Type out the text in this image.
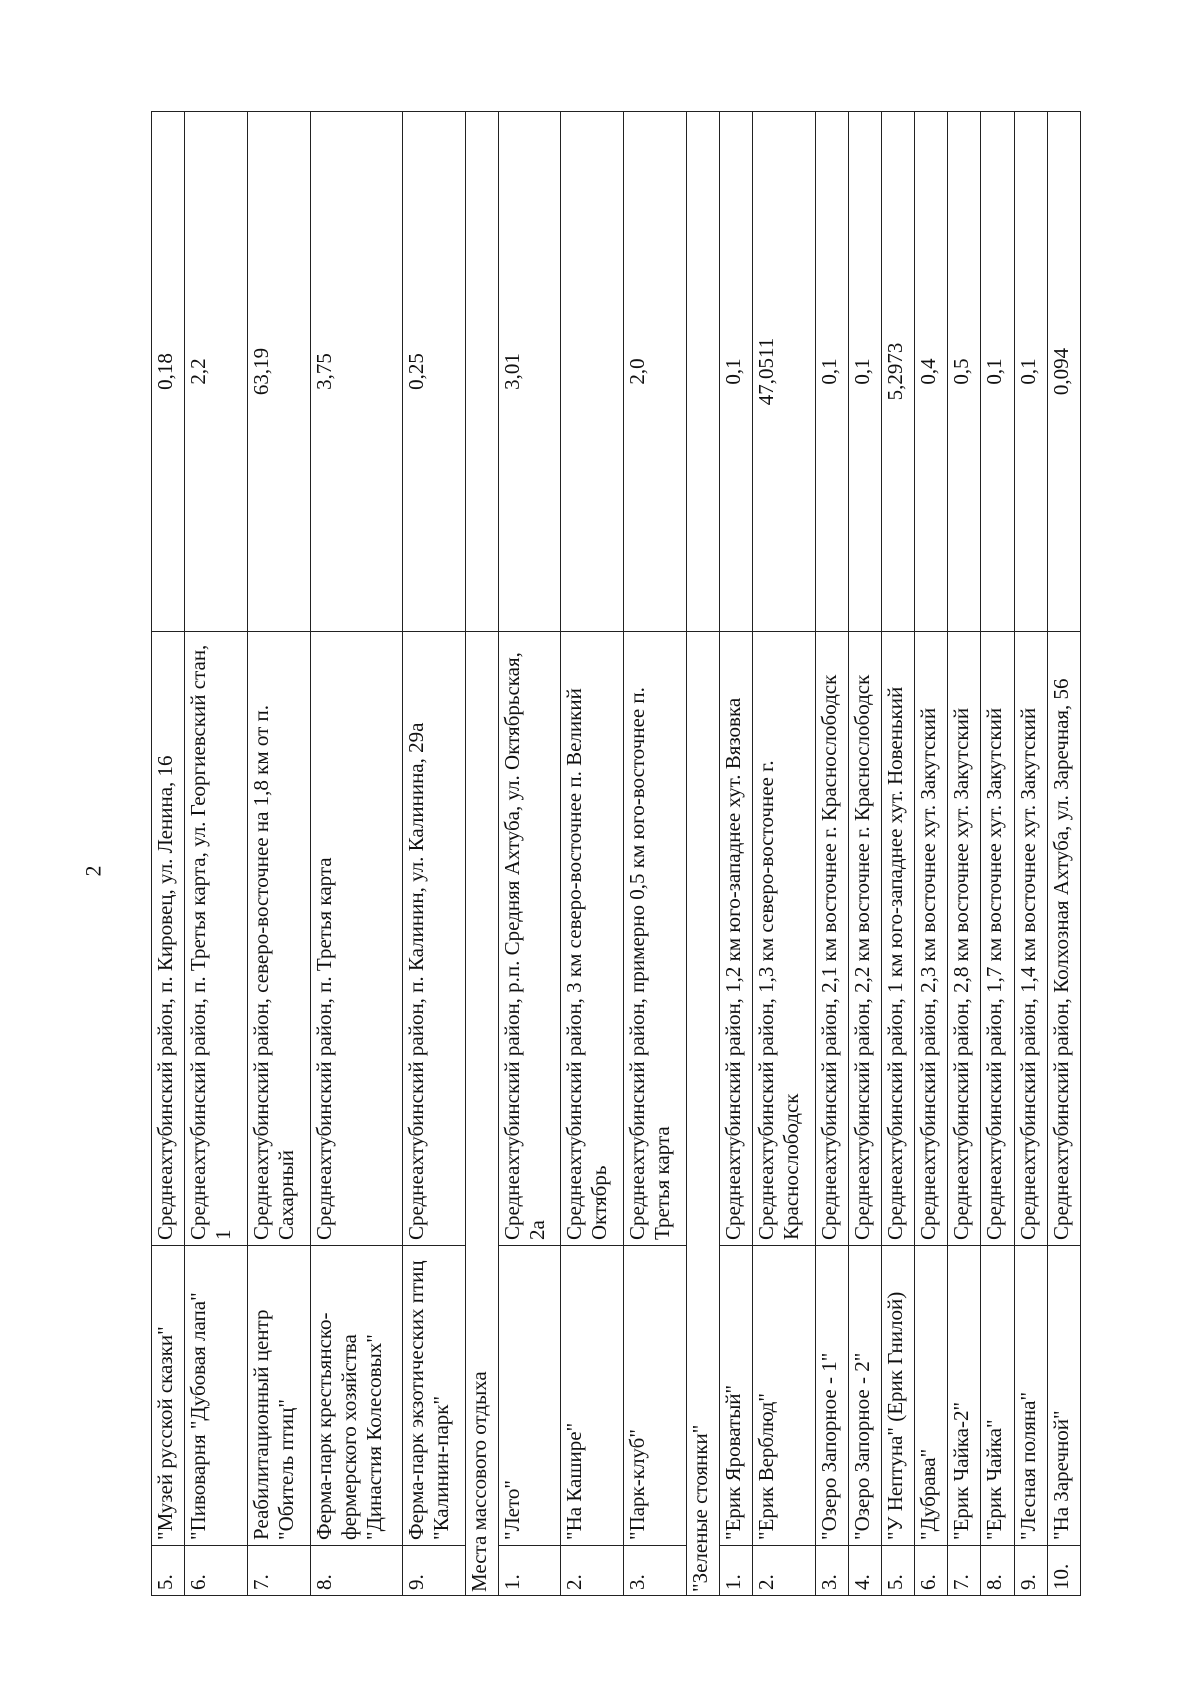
2
5.	"Музей русской сказки"	Среднеахтубинский район, п. Кировец, ул. Ленина, 16	0,18
6.	"Пивоварня "Дубовая лапа"	Среднеахтубинский район, п. Третья карта, ул. Георгиевский стан, 1	2,2
7.	Реабилитационный центр "Обитель птиц"	Среднеахтубинский район, северо-восточнее на 1,8 км от п. Сахарный	63,19
8.	Ферма-парк крестьянско-фермерского хозяйства "Династия Колесовых"	Среднеахтубинский район, п. Третья карта	3,75
9.	Ферма-парк экзотических птиц "Калинин-парк"	Среднеахтубинский район, п. Калинин, ул. Калинина, 29а	0,25
Места массового отдыха			
1.	"Лето"	Среднеахтубинский район, р.п. Средняя Ахтуба, ул. Октябрьская, 2а	3,01
2.	"На Каширe"	Среднеахтубинский район, 3 км северо-восточнее п. Великий Октябрь	
3.	"Парк-клуб"	Среднеахтубинский район, примерно 0,5 км юго-восточнее п. Третья карта	2,0
"Зеленые стоянки"			
1.	"Ерик Яроватый"	Среднеахтубинский район, 1,2 км юго-западнее хут. Вязовка	0,1
2.	"Ерик Верблюд"	Среднеахтубинский район, 1,3 км северо-восточнее г. Краснослободск	47,0511
3.	"Озеро Запорное - 1"	Среднеахтубинский район, 2,1 км восточнее г. Краснослободск	0,1
4.	"Озеро Запорное - 2"	Среднеахтубинский район, 2,2 км восточнее г. Краснослободск	0,1
5.	"У Нептуна" (Ерик Гнилой)	Среднеахтубинский район, 1 км юго-западнее хут. Новенький	5,2973
6.	"Дубрава"	Среднеахтубинский район, 2,3 км восточнее хут. Закутский	0,4
7.	"Ерик Чайка-2"	Среднеахтубинский район, 2,8 км восточнее хут. Закутский	0,5
8.	"Ерик Чайка"	Среднеахтубинский район, 1,7 км восточнее хут. Закутский	0,1
9.	"Лесная поляна"	Среднеахтубинский район, 1,4 км восточнее хут. Закутский	0,1
10.	"На Заречной"	Среднеахтубинский район, Колхозная Ахтуба, ул. Заречная, 56	0,094
